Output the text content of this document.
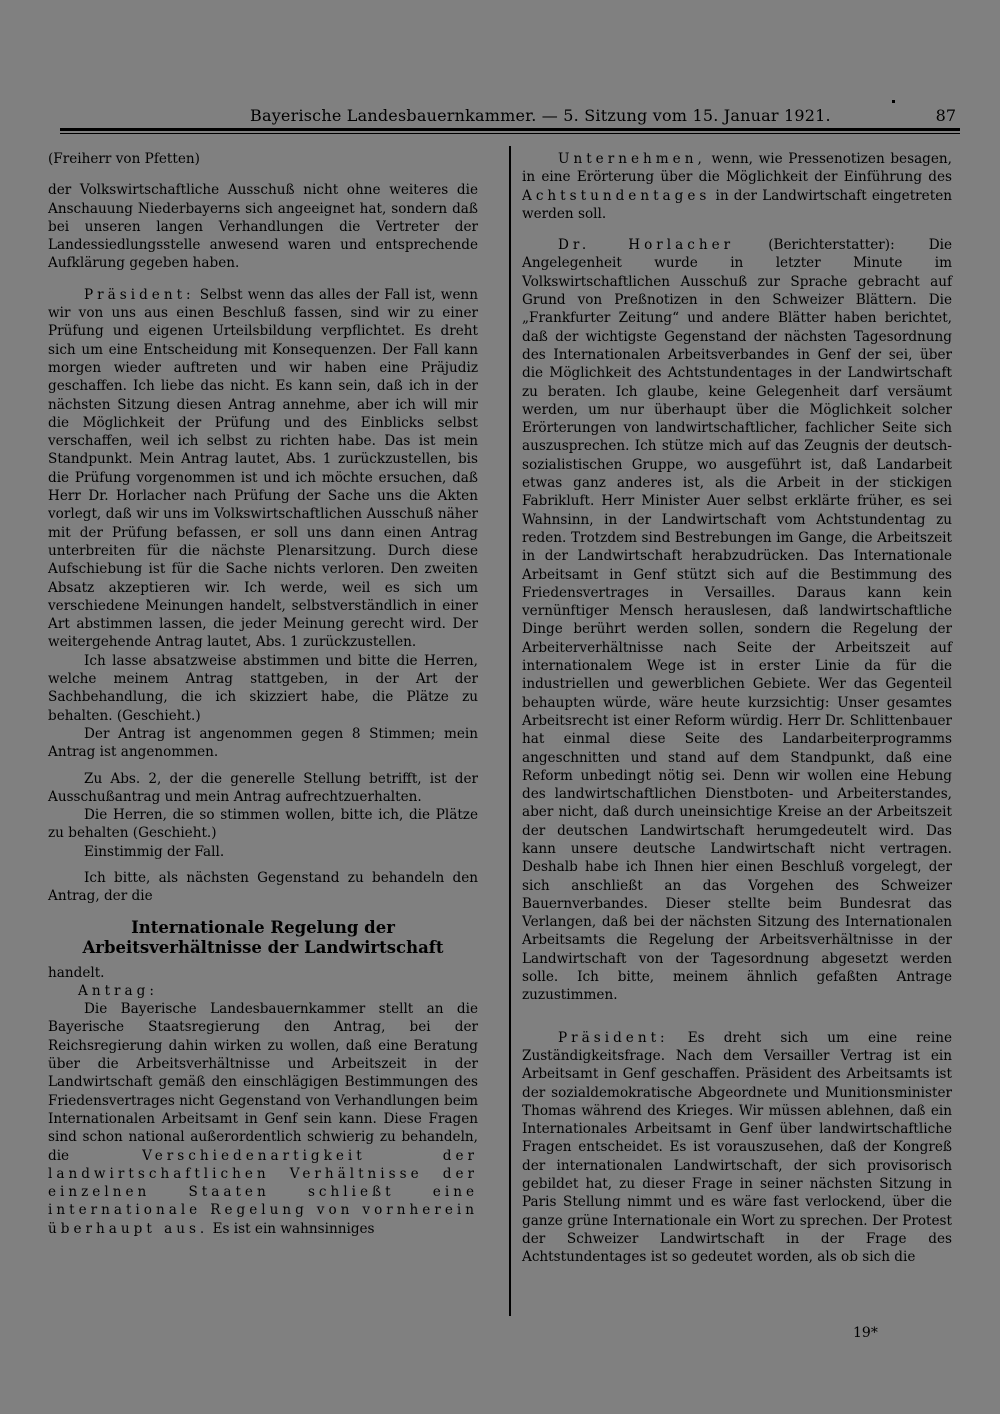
Bayerische Landesbauernkammer. — 5. Sitzung vom 15. Januar 1921.	87

(Freiherr von Pfetten)

der Volkswirtschaftliche Ausschuß nicht ohne weiteres die Anschauung Niederbayerns sich angeeignet hat, sondern daß bei unseren langen Verhandlungen die Vertreter der Landessiedlungsstelle anwesend waren und entsprechende Aufklärung gegeben haben.

Präsident: Selbst wenn das alles der Fall ist, wenn wir von uns aus einen Beschluß fassen, sind wir zu einer Prüfung und eigenen Urteilsbildung verpflichtet. Es dreht sich um eine Entscheidung mit Konsequenzen. Der Fall kann morgen wieder auftreten und wir haben eine Präjudiz geschaffen. Ich liebe das nicht. Es kann sein, daß ich in der nächsten Sitzung diesen Antrag annehme, aber ich will mir die Möglichkeit der Prüfung und des Einblicks selbst verschaffen, weil ich selbst zu richten habe. Das ist mein Standpunkt. Mein Antrag lautet, Abs. 1 zurückzustellen, bis die Prüfung vorgenommen ist und ich möchte ersuchen, daß Herr Dr. Horlacher nach Prüfung der Sache uns die Akten vorlegt, daß wir uns im Volkswirtschaftlichen Ausschuß näher mit der Prüfung befassen, er soll uns dann einen Antrag unterbreiten für die nächste Plenarsitzung. Durch diese Aufschiebung ist für die Sache nichts verloren. Den zweiten Absatz akzeptieren wir. Ich werde, weil es sich um verschiedene Meinungen handelt, selbstverständlich in einer Art abstimmen lassen, die jeder Meinung gerecht wird. Der weitergehende Antrag lautet, Abs. 1 zurückzustellen.

Ich lasse absatzweise abstimmen und bitte die Herren, welche meinem Antrag stattgeben, in der Art der Sachbehandlung, die ich skizziert habe, die Plätze zu behalten. (Geschieht.)

Der Antrag ist angenommen gegen 8 Stimmen; mein Antrag ist angenommen.

Zu Abs. 2, der die generelle Stellung betrifft, ist der Ausschußantrag und mein Antrag aufrechtzuerhalten.

Die Herren, die so stimmen wollen, bitte ich, die Plätze zu behalten (Geschieht.)

Einstimmig der Fall.

Ich bitte, als nächsten Gegenstand zu behandeln den Antrag, der die

Internationale Regelung der Arbeitsverhältnisse der Landwirtschaft

handelt.

Antrag:

Die Bayerische Landesbauernkammer stellt an die Bayerische Staatsregierung den Antrag, bei der Reichsregierung dahin wirken zu wollen, daß eine Beratung über die Arbeitsverhältnisse und Arbeitszeit in der Landwirtschaft gemäß den einschlägigen Bestimmungen des Friedensvertrages nicht Gegenstand von Verhandlungen beim Internationalen Arbeitsamt in Genf sein kann. Diese Fragen sind schon national außerordentlich schwierig zu behandeln, die Verschiedenartigkeit der landwirtschaftlichen Verhältnisse der einzelnen Staaten schließt eine internationale Regelung von vornherein überhaupt aus. Es ist ein wahnsinniges

Unternehmen, wenn, wie Pressenotizen besagen, in eine Erörterung über die Möglichkeit der Einführung des Achtstundentages in der Landwirtschaft eingetreten werden soll.

Dr. Horlacher (Berichterstatter): Die Angelegenheit wurde in letzter Minute im Volkswirtschaftlichen Ausschuß zur Sprache gebracht auf Grund von Preßnotizen in den Schweizer Blättern. Die „Frankfurter Zeitung“ und andere Blätter haben berichtet, daß der wichtigste Gegenstand der nächsten Tagesordnung des Internationalen Arbeitsverbandes in Genf der sei, über die Möglichkeit des Achtstundentages in der Landwirtschaft zu beraten. Ich glaube, keine Gelegenheit darf versäumt werden, um nur überhaupt über die Möglichkeit solcher Erörterungen von landwirtschaftlicher, fachlicher Seite sich auszusprechen. Ich stütze mich auf das Zeugnis der deutsch-sozialistischen Gruppe, wo ausgeführt ist, daß Landarbeit etwas ganz anderes ist, als die Arbeit in der stickigen Fabrikluft. Herr Minister Auer selbst erklärte früher, es sei Wahnsinn, in der Landwirtschaft vom Achtstundentag zu reden. Trotzdem sind Bestrebungen im Gange, die Arbeitszeit in der Landwirtschaft herabzudrücken. Das Internationale Arbeitsamt in Genf stützt sich auf die Bestimmung des Friedensvertrages in Versailles. Daraus kann kein vernünftiger Mensch herauslesen, daß landwirtschaftliche Dinge berührt werden sollen, sondern die Regelung der Arbeiterverhältnisse nach Seite der Arbeitszeit auf internationalem Wege ist in erster Linie da für die industriellen und gewerblichen Gebiete. Wer das Gegenteil behaupten würde, wäre heute kurzsichtig: Unser gesamtes Arbeitsrecht ist einer Reform würdig. Herr Dr. Schlittenbauer hat einmal diese Seite des Landarbeiterprogramms angeschnitten und stand auf dem Standpunkt, daß eine Reform unbedingt nötig sei. Denn wir wollen eine Hebung des landwirtschaftlichen Dienstboten- und Arbeiterstandes, aber nicht, daß durch uneinsichtige Kreise an der Arbeitszeit der deutschen Landwirtschaft herumgedeutelt wird. Das kann unsere deutsche Landwirtschaft nicht vertragen. Deshalb habe ich Ihnen hier einen Beschluß vorgelegt, der sich anschließt an das Vorgehen des Schweizer Bauernverbandes. Dieser stellte beim Bundesrat das Verlangen, daß bei der nächsten Sitzung des Internationalen Arbeitsamts die Regelung der Arbeitsverhältnisse in der Landwirtschaft von der Tagesordnung abgesetzt werden solle. Ich bitte, meinem ähnlich gefaßten Antrage zuzustimmen.

Präsident: Es dreht sich um eine reine Zuständigkeitsfrage. Nach dem Versailler Vertrag ist ein Arbeitsamt in Genf geschaffen. Präsident des Arbeitsamts ist der sozialdemokratische Abgeordnete und Munitionsminister Thomas während des Krieges. Wir müssen ablehnen, daß ein Internationales Arbeitsamt in Genf über landwirtschaftliche Fragen entscheidet. Es ist vorauszusehen, daß der Kongreß der internationalen Landwirtschaft, der sich provisorisch gebildet hat, zu dieser Frage in seiner nächsten Sitzung in Paris Stellung nimmt und es wäre fast verlockend, über die ganze grüne Internationale ein Wort zu sprechen. Der Protest der Schweizer Landwirtschaft in der Frage des Achtstundentages ist so gedeutet worden, als ob sich die

19*
